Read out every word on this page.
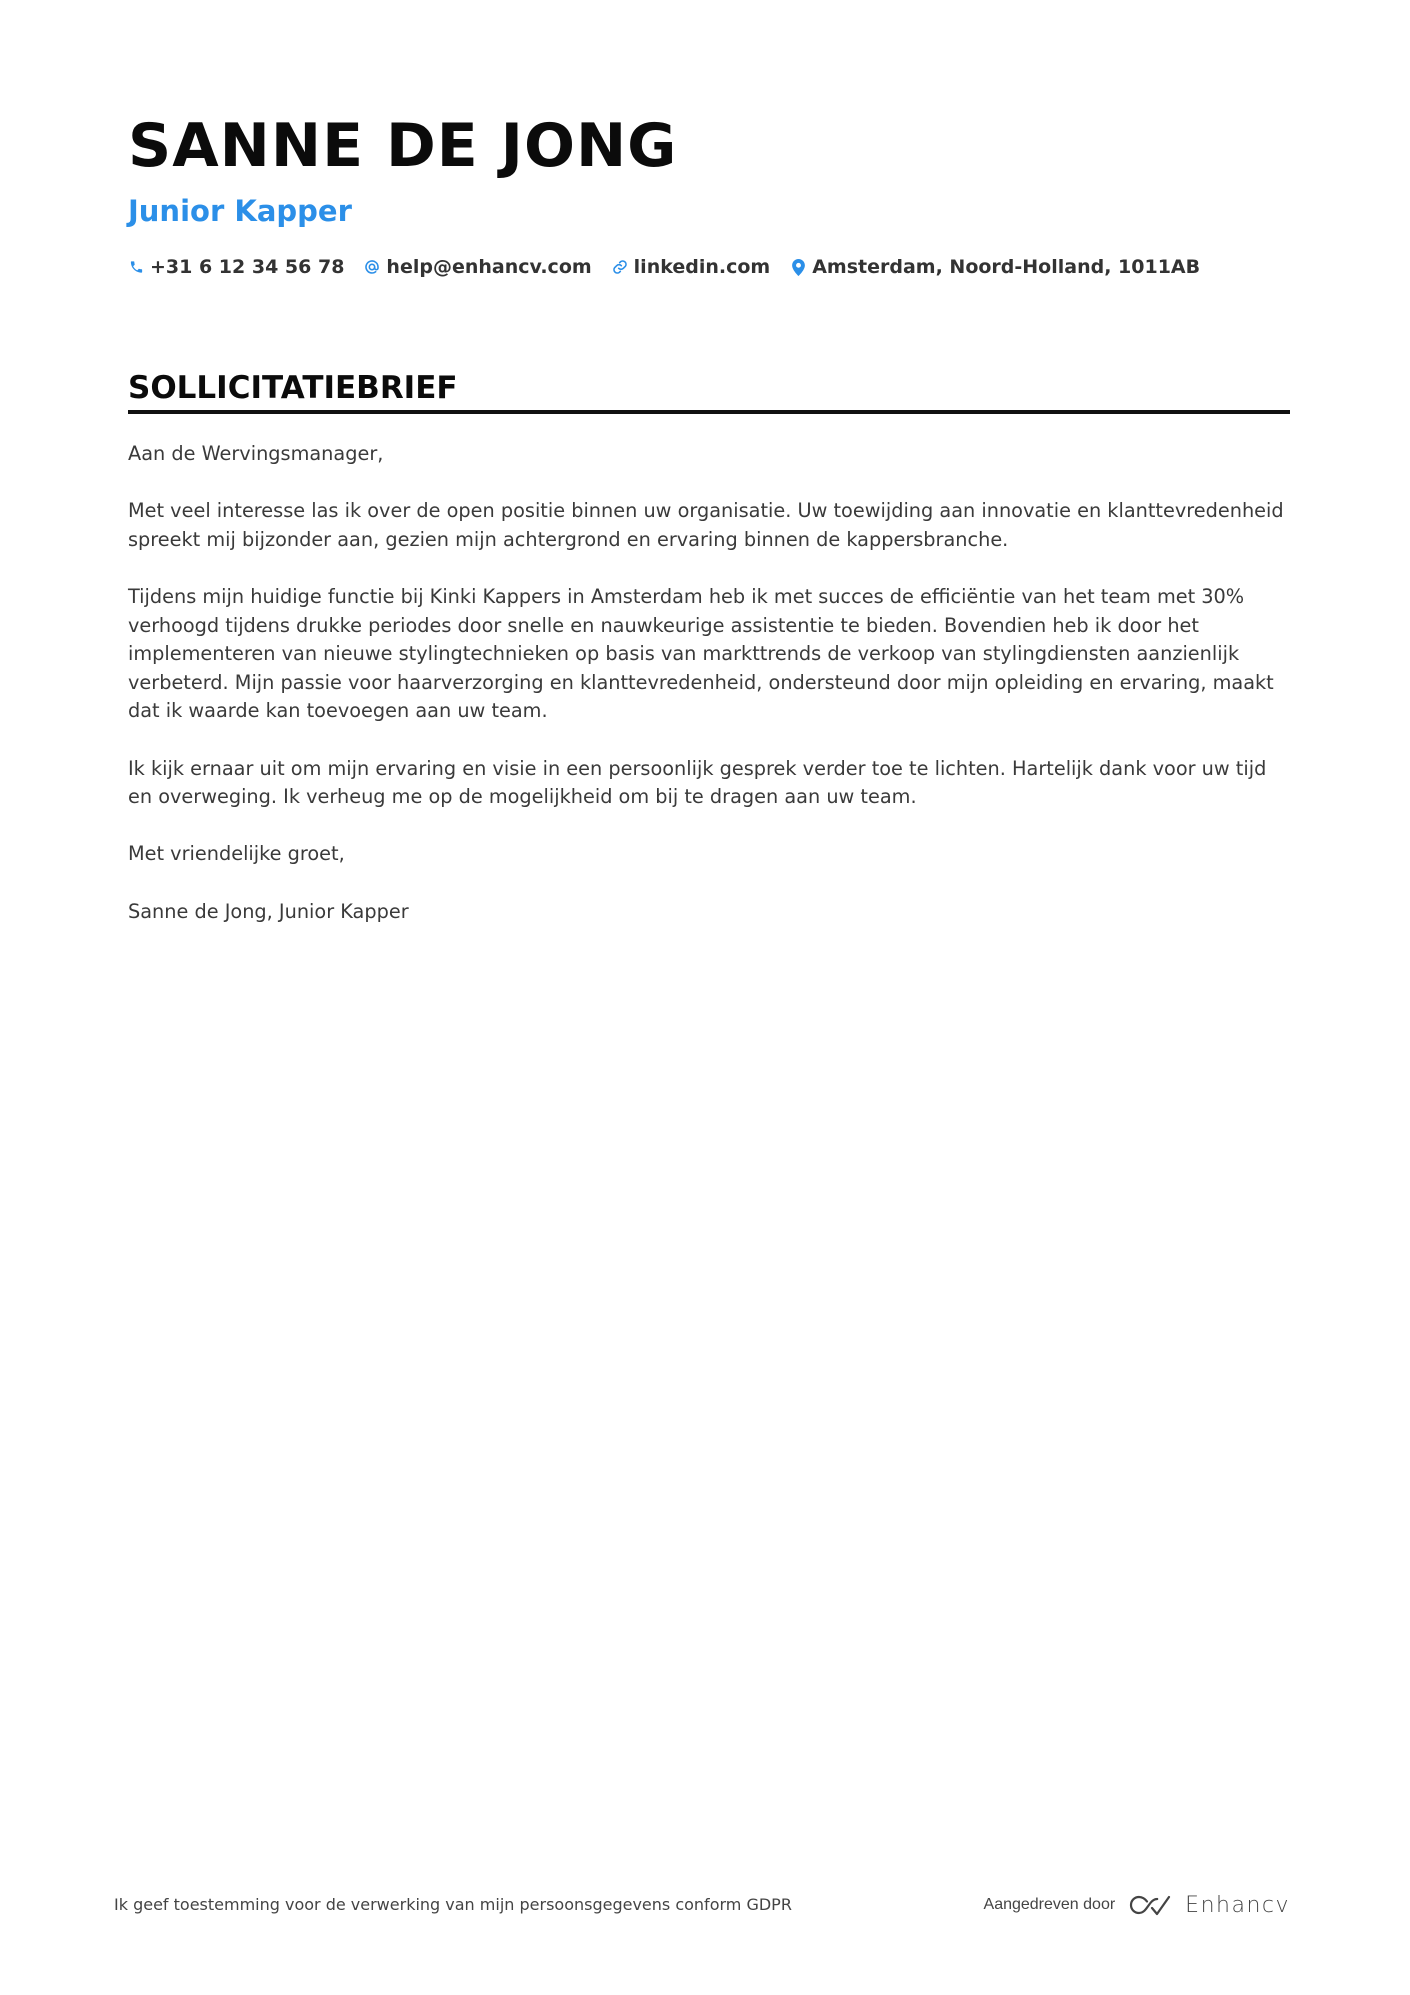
SANNE DE JONG
Junior Kapper
+31 6 12 34 56 78 help@enhancv.com linkedin.com Amsterdam, Noord-Holland, 1011AB
SOLLICITATIEBRIEF

Aan de Wervingsmanager,

Met veel interesse las ik over de open positie binnen uw organisatie. Uw toewijding aan innovatie en klanttevredenheid spreekt mij bijzonder aan, gezien mijn achtergrond en ervaring binnen de kappersbranche.

Tijdens mijn huidige functie bij Kinki Kappers in Amsterdam heb ik met succes de efficiëntie van het team met 30% verhoogd tijdens drukke periodes door snelle en nauwkeurige assistentie te bieden. Bovendien heb ik door het implementeren van nieuwe stylingtechnieken op basis van markttrends de verkoop van stylingdiensten aanzienlijk verbeterd. Mijn passie voor haarverzorging en klanttevredenheid, ondersteund door mijn opleiding en ervaring, maakt dat ik waarde kan toevoegen aan uw team.

Ik kijk ernaar uit om mijn ervaring en visie in een persoonlijk gesprek verder toe te lichten. Hartelijk dank voor uw tijd en overweging. Ik verheug me op de mogelijkheid om bij te dragen aan uw team.

Met vriendelijke groet,

Sanne de Jong, Junior Kapper

Ik geef toestemming voor de verwerking van mijn persoonsgegevens conform GDPR	Aangedreven door	Enhancv
